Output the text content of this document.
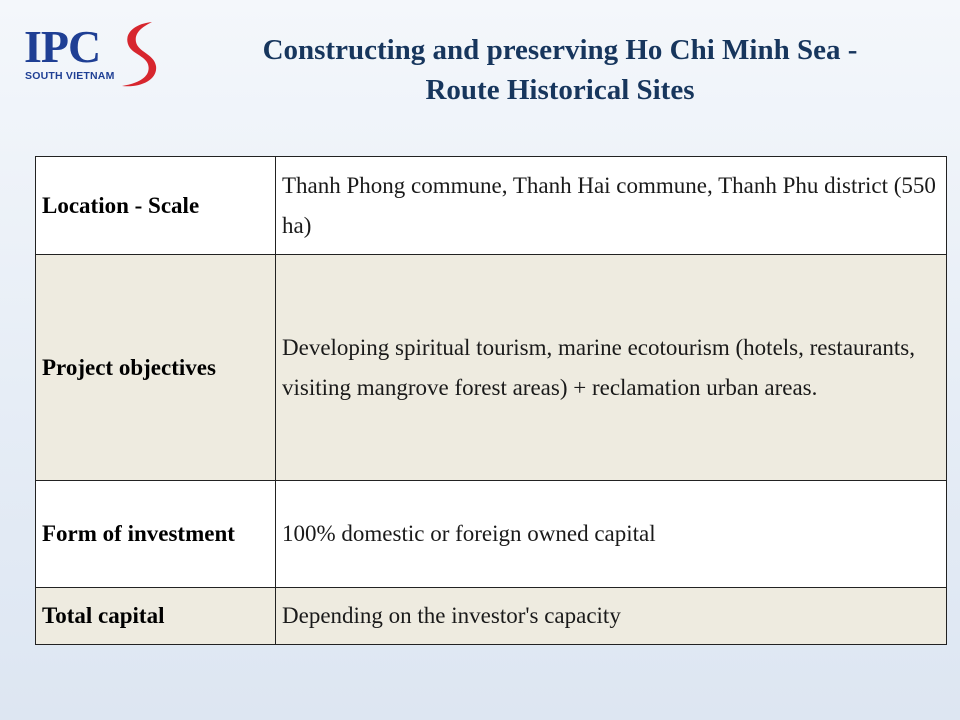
IPC
SOUTH VIETNAM
Constructing and preserving Ho Chi Minh Sea -
Route Historical Sites
Location - Scale	Thanh Phong commune, Thanh Hai commune, Thanh Phu district (550 ha)
Project objectives	Developing spiritual tourism, marine ecotourism (hotels, restaurants, visiting mangrove forest areas) + reclamation urban areas.
Form of investment	100% domestic or foreign owned capital
Total capital	Depending on the investor's capacity
